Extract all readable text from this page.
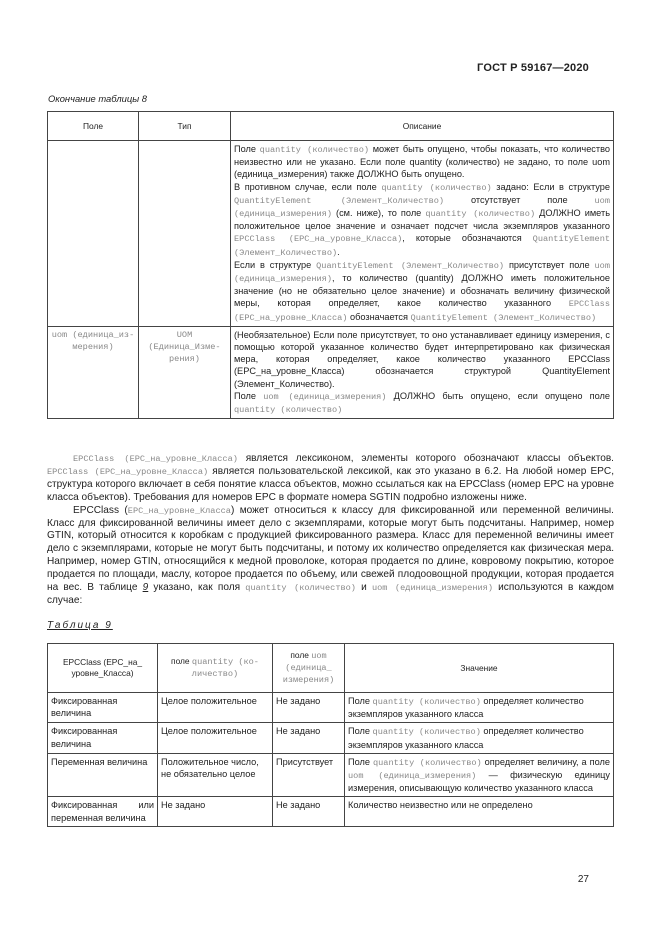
ГОСТ Р 59167—2020
Окончание таблицы 8
Поле	Тип	Описание
		Поле quantity (количество) может быть опущено, чтобы показать, что количество неизвестно или не указано. Если поле quantity (количество) не задано, то поле uom (единица_измерения) также ДОЛЖНО быть опущено.
В противном случае, если поле quantity (количество) задано: Если в структуре QuantityElement (Элемент_Количество) отсутствует поле uom (единица_измерения) (см. ниже), то поле quantity (количество) ДОЛЖНО иметь положительное целое значение и означает подсчет числа экземпляров указанного EPCClass (EPC_на_уровне_Класса), которые обозначаются QuantityElement (Элемент_Количество).
Если в структуре QuantityElement (Элемент_Количество) присутствует поле uom (единица_измерения), то количество (quantity) ДОЛЖНО иметь положительное значение (но не обязательно целое значение) и обозначать величину физической меры, которая определяет, какое количество указанного EPCClass (EPC_на_уровне_Класса) обозначается QuantityElement (Элемент_Количество)
uom (единица_из-мерения)	UOM (Единица_Изме-рения)	(Необязательное) Если поле присутствует, то оно устанавливает единицу измерения, с помощью которой указанное количество будет интерпретировано как физическая мера, которая определяет, какое количество указанного EPCClass (EPC_на_уровне_Класса) обозначается структурой QuantityElement (Элемент_Количество).
Поле uom (единица_измерения) ДОЛЖНО быть опущено, если опущено поле quantity (количество)

EPCClass (EPC_на_уровне_Класса) является лексиконом, элементы которого обозначают классы объектов. EPCClass (EPC_на_уровне_Класса) является пользовательской лексикой, как это указано в 6.2. На любой номер EPC, структура которого включает в себя понятие класса объектов, можно ссылаться как на EPCClass (номер EPC на уровне класса объектов). Требования для номеров EPC в формате номера SGTIN подробно изложены ниже.

EPCClass (EPC_на_уровне_Класса) может относиться к классу для фиксированной или переменной величины. Класс для фиксированной величины имеет дело с экземплярами, которые могут быть подсчитаны. Например, номер GTIN, который относится к коробкам с продукцией фиксированного размера. Класс для переменной величины имеет дело с экземплярами, которые не могут быть подсчитаны, и потому их количество определяется как физическая мера. Например, номер GTIN, относящийся к медной проволоке, которая продается по длине, ковровому покрытию, которое продается по площади, маслу, которое продается по объему, или свежей плодоовощной продукции, которая продается на вес. В таблице 9 указано, как поля quantity (количество) и uom (единица_измерения) используются в каждом случае:

Таблица 9
EPCClass (EPC_на_ уровне_Класса)	поле quantity (ко-личество)	поле uom (единица_ измерения)	Значение
Фиксированная величина	Целое положительное	Не задано	Поле quantity (количество) определяет количество экземпляров указанного класса
Фиксированная величина	Целое положительное	Не задано	Поле quantity (количество) определяет количество экземпляров указанного класса
Переменная величина	Положительное число, не обязательно целое	Присутствует	Поле quantity (количество) определяет величину, а поле uom (единица_измерения) — физическую единицу измерения, описывающую количество указанного класса
Фиксированная или переменная величина	Не задано	Не задано	Количество неизвестно или не определено
27
